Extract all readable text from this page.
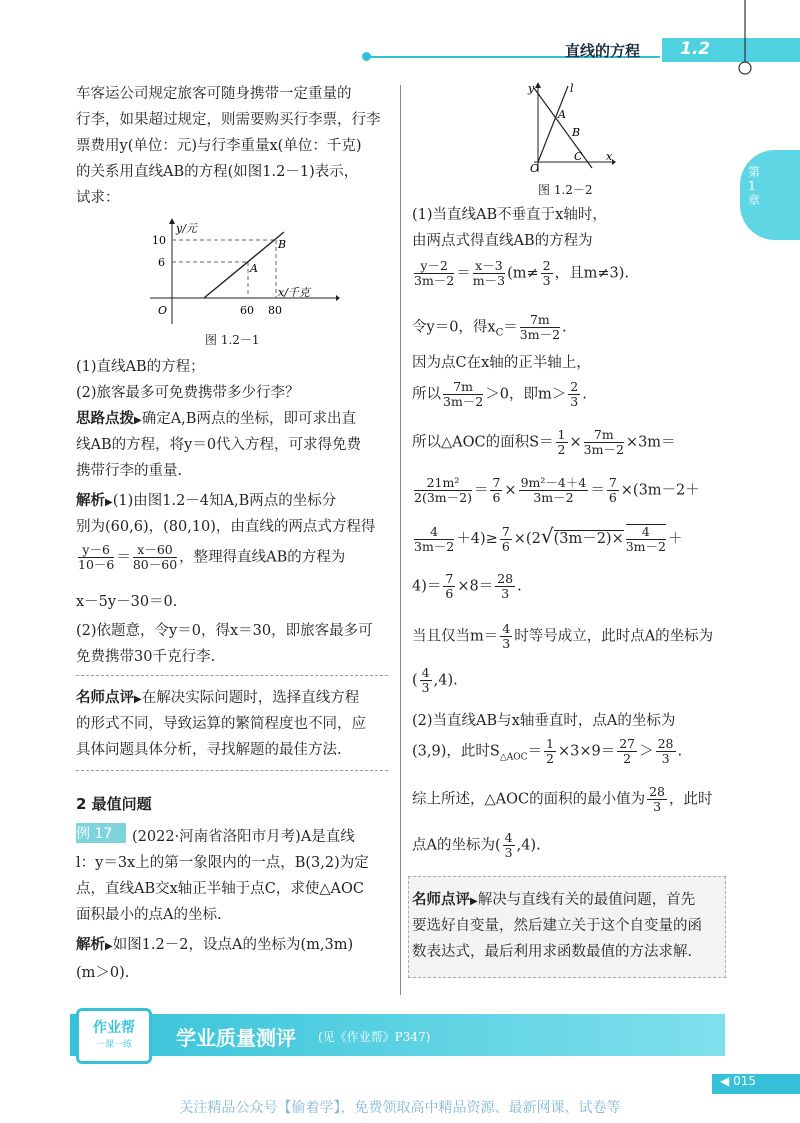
直线的方程 1.2
第1章
车客运公司规定旅客可随身携带一定重量的
行李，如果超过规定，则需要购买行李票，行李
票费用y(单位：元)与行李重量x(单位：千克)
的关系用直线AB的方程(如图1.2－1)表示，
试求：
y/元
x/千克
10
6
60 80
O
A
B
图 1.2－1
(1)直线AB的方程；
(2)旅客最多可免费携带多少行李？
思路点拨▶确定A,B两点的坐标，即可求出直
线AB的方程，将y＝0代入方程，可求得免费
携带行李的重量.
解析▶(1)由图1.2－4知A,B两点的坐标分
别为(60,6)，(80,10)，由直线的两点式方程得
$\frac{y-6}{10-6} = \frac{x-60}{80-60}$ ，整理得直线AB的方程为
x－5y－30＝0.
(2)依题意，令y＝0，得x＝30，即旅客最多可
免费携带30千克行李.
名师点评▶在解决实际问题时，选择直线方程
的形式不同，导致运算的繁简程度也不同，应
具体问题具体分析，寻找解题的最佳方法.
2 最值问题
例 17	(2022·河南省洛阳市月考)A是直线
l：y＝3x上的第一象限内的一点，B(3,2)为定
点，直线AB交x轴正半轴于点C，求使△AOC
面积最小的点A的坐标.
解析▶如图1.2－2，设点A的坐标为(m,3m)
(m＞0).
y	l
A
B
O
C x
图 1.2－2
(1)当直线AB不垂直于x轴时，
由两点式得直线AB的方程为
$\frac{y-2}{3m-2} = \frac{x-3}{m-3} (m\ne \frac{2}{3}$ ，且m≠3).
令y＝0，得$x_C= \frac{7m}{3m-2}$ .
因为点C在x轴的正半轴上，
所以 $\frac{7m}{3m-2} >0$，即$m> \frac{2}{3}$ .
所以△AOC的面积$S= \frac{1}{2} \times \frac{7m}{3m-2} \times 3m=$
$\frac{\text{21m²}}{2(3m-2)} = \frac{7}{6} \times \frac{\text{9m²－4＋4}}{3m-2} = \frac{7}{6} \times(3m-2+$
$\frac{4}{3m-2} +4)\ge \frac{7}{6} \times(2√(3m-2)\times \frac{4}{3m-2}$ ＋
$4)= \frac{7}{6} \times 8= \frac{28}{3}$ .
当且仅当$m= \frac{4}{3}$ 时等号成立，此时点A的坐标为
( $\frac{4}{3} ,4$).
(2)当直线AB与x轴垂直时，点A的坐标为
(3,9)，此时$S_{\triangle AOC}= \frac{1}{2} \times 3\times 9= \frac{27}{2} > \frac{28}{3}$ .
综上所述，△AOC的面积的最小值为 $\frac{28}{3}$ ，此时
点A的坐标为( $\frac{4}{3} ,4$).
名师点评▶解决与直线有关的最值问题，首先
要选好自变量，然后建立关于这个自变量的函
数表达式，最后利用求函数最值的方法求解.
作业帮
一课一练	学业质量测评 (见《作业帮》P347)
◀ 015
关注精品公众号【偷着学】，免费领取高中精品资源、最新网课、试卷等
